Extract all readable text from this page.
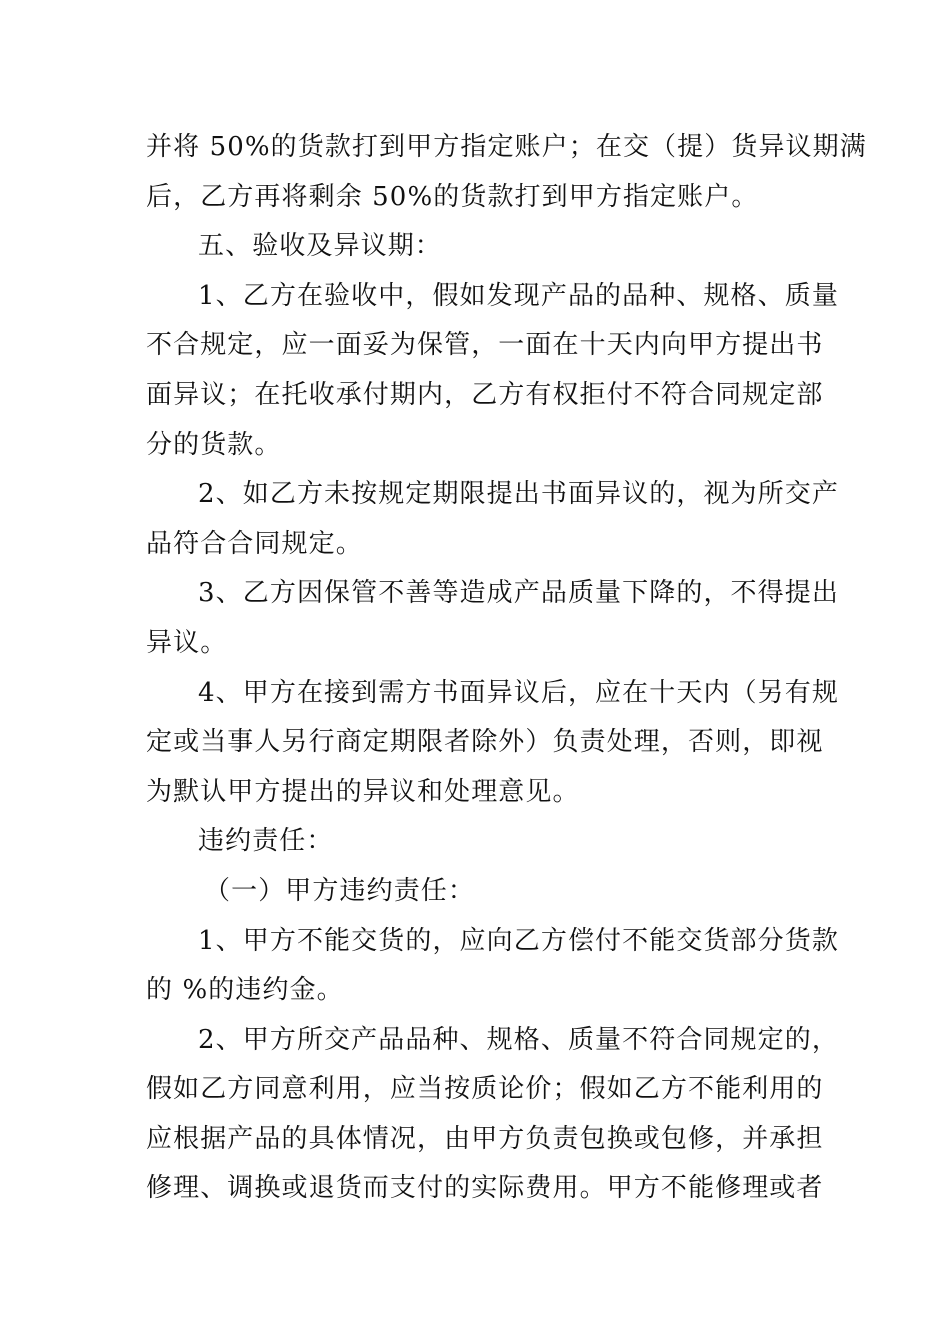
并将 50%的货款打到甲方指定账户；在交（提）货异议期满
后，乙方再将剩余 50%的货款打到甲方指定账户。
五、验收及异议期：
1、乙方在验收中，假如发现产品的品种、规格、质量
不合规定，应一面妥为保管，一面在十天内向甲方提出书
面异议；在托收承付期内，乙方有权拒付不符合同规定部
分的货款。
2、如乙方未按规定期限提出书面异议的，视为所交产
品符合合同规定。
3、乙方因保管不善等造成产品质量下降的，不得提出
异议。
4、甲方在接到需方书面异议后，应在十天内（另有规
定或当事人另行商定期限者除外）负责处理，否则，即视
为默认甲方提出的异议和处理意见。
违约责任：
（一）甲方违约责任：
1、甲方不能交货的，应向乙方偿付不能交货部分货款
的 %的违约金。
2、甲方所交产品品种、规格、质量不符合同规定的，
假如乙方同意利用，应当按质论价；假如乙方不能利用的
应根据产品的具体情况，由甲方负责包换或包修，并承担
修理、调换或退货而支付的实际费用。甲方不能修理或者
